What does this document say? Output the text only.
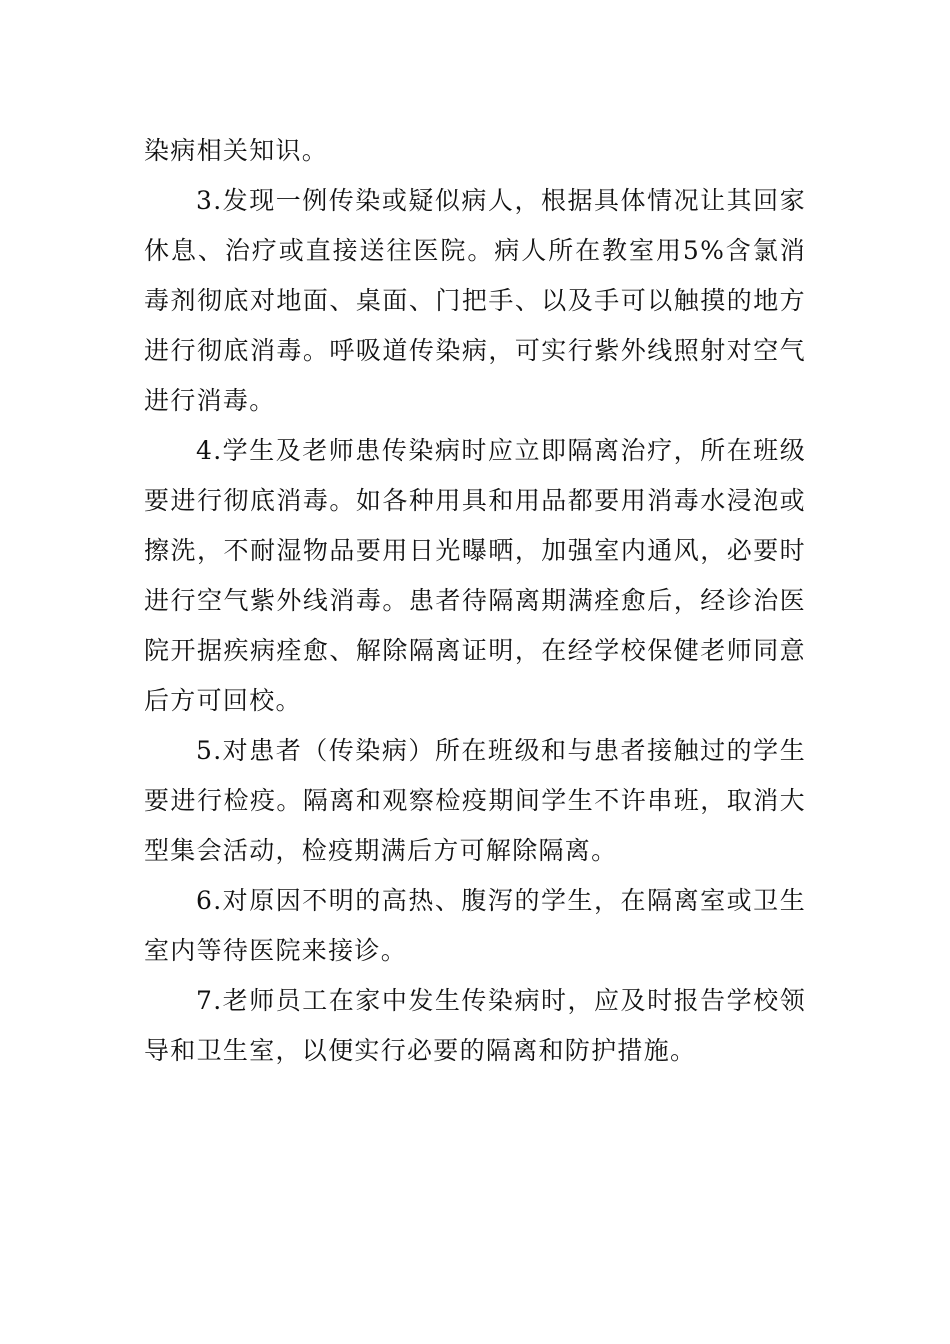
染病相关知识。

3.发现一例传染或疑似病人，根据具体情况让其回家休息、治疗或直接送往医院。病人所在教室用5%含氯消毒剂彻底对地面、桌面、门把手、以及手可以触摸的地方进行彻底消毒。呼吸道传染病，可实行紫外线照射对空气进行消毒。

4.学生及老师患传染病时应立即隔离治疗，所在班级要进行彻底消毒。如各种用具和用品都要用消毒水浸泡或擦洗，不耐湿物品要用日光曝晒，加强室内通风，必要时进行空气紫外线消毒。患者待隔离期满痊愈后，经诊治医院开据疾病痊愈、解除隔离证明，在经学校保健老师同意后方可回校。

5.对患者（传染病）所在班级和与患者接触过的学生要进行检疫。隔离和观察检疫期间学生不许串班，取消大型集会活动，检疫期满后方可解除隔离。

6.对原因不明的高热、腹泻的学生，在隔离室或卫生室内等待医院来接诊。

7.老师员工在家中发生传染病时，应及时报告学校领导和卫生室，以便实行必要的隔离和防护措施。
